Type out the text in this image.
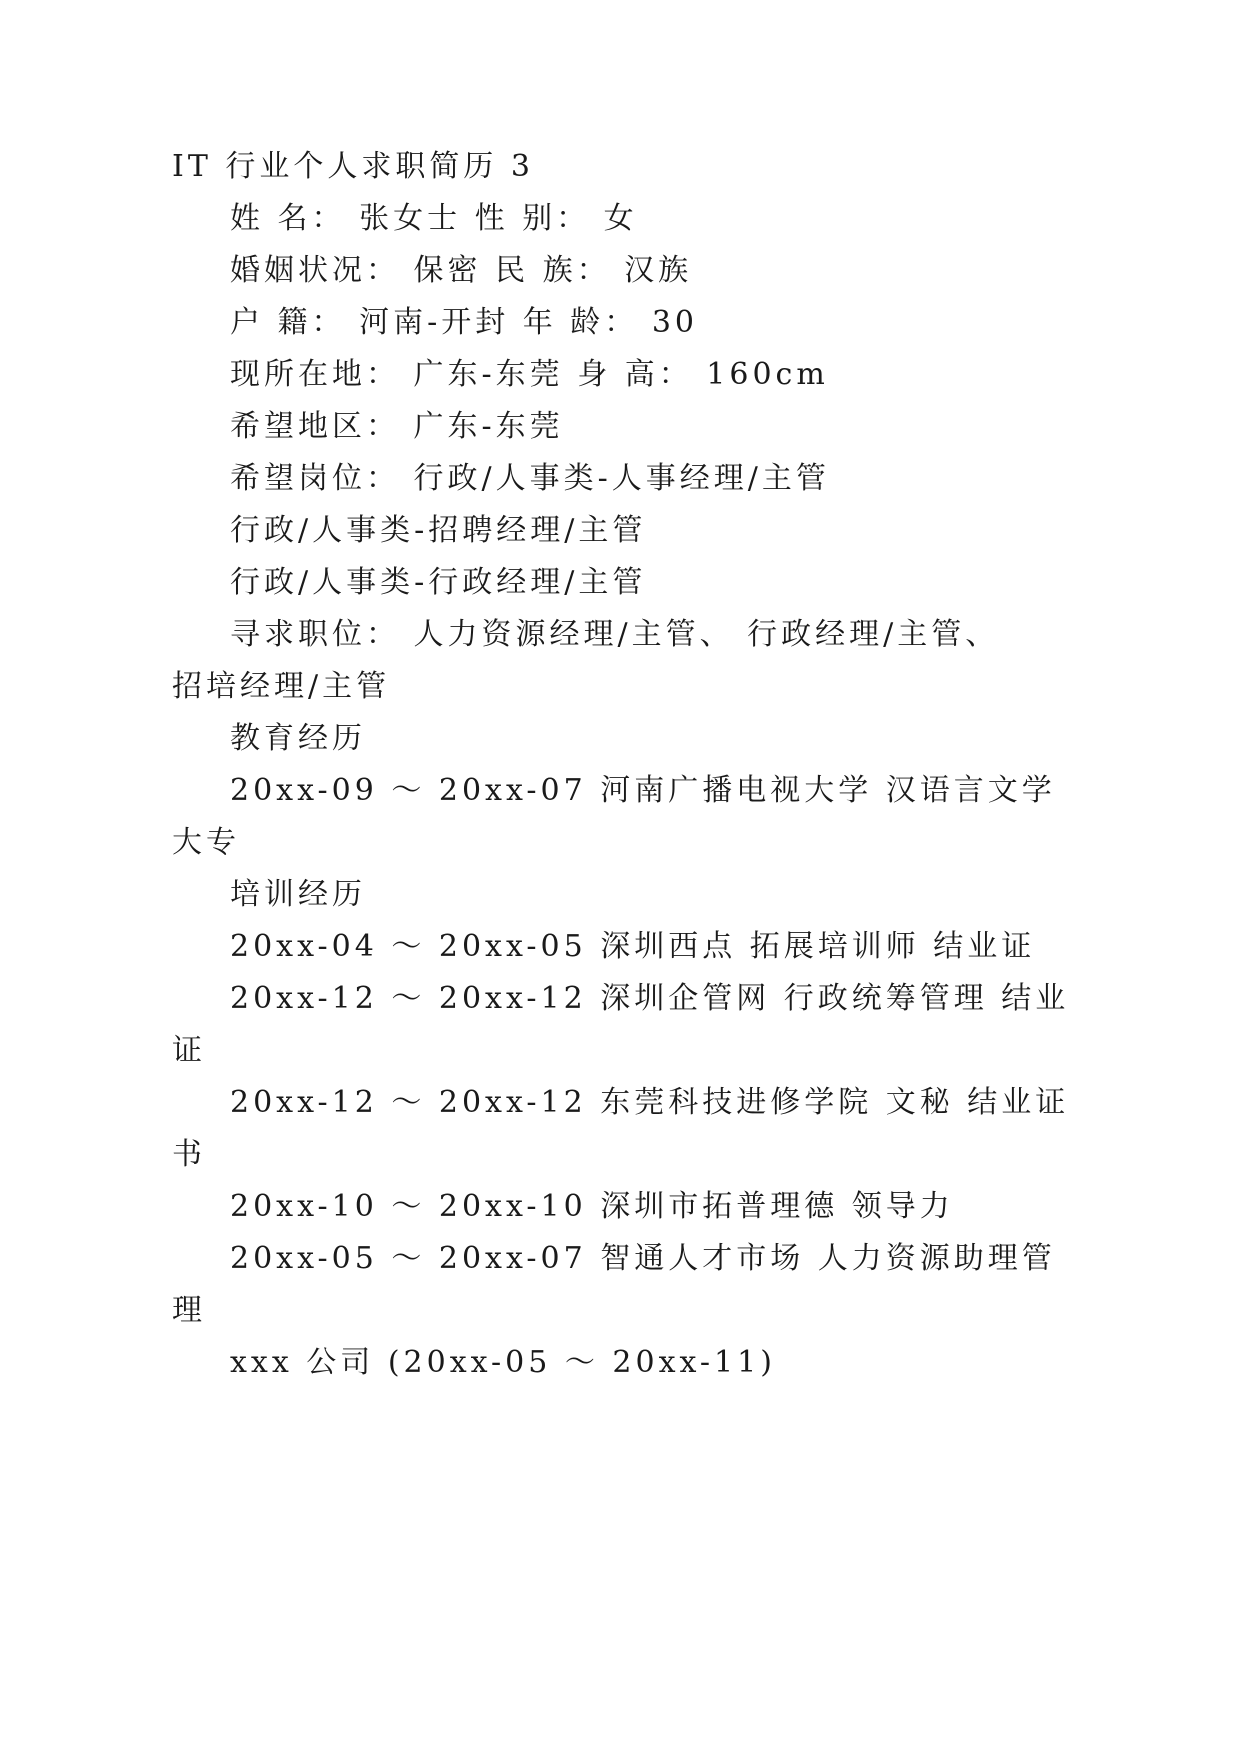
IT 行业个人求职简历 3
姓 名： 张女士 性 别： 女
婚姻状况： 保密 民 族： 汉族
户 籍： 河南-开封 年 龄： 30
现所在地： 广东-东莞 身 高： 160cm
希望地区： 广东-东莞
希望岗位： 行政/人事类-人事经理/主管
行政/人事类-招聘经理/主管
行政/人事类-行政经理/主管
寻求职位： 人力资源经理/主管、 行政经理/主管、
招培经理/主管
教育经历
20xx-09 ～ 20xx-07 河南广播电视大学 汉语言文学
大专
培训经历
20xx-04 ～ 20xx-05 深圳西点 拓展培训师 结业证
20xx-12 ～ 20xx-12 深圳企管网 行政统筹管理 结业
证
20xx-12 ～ 20xx-12 东莞科技进修学院 文秘 结业证
书
20xx-10 ～ 20xx-10 深圳市拓普理德 领导力
20xx-05 ～ 20xx-07 智通人才市场 人力资源助理管
理
xxx 公司 (20xx-05 ～ 20xx-11)
